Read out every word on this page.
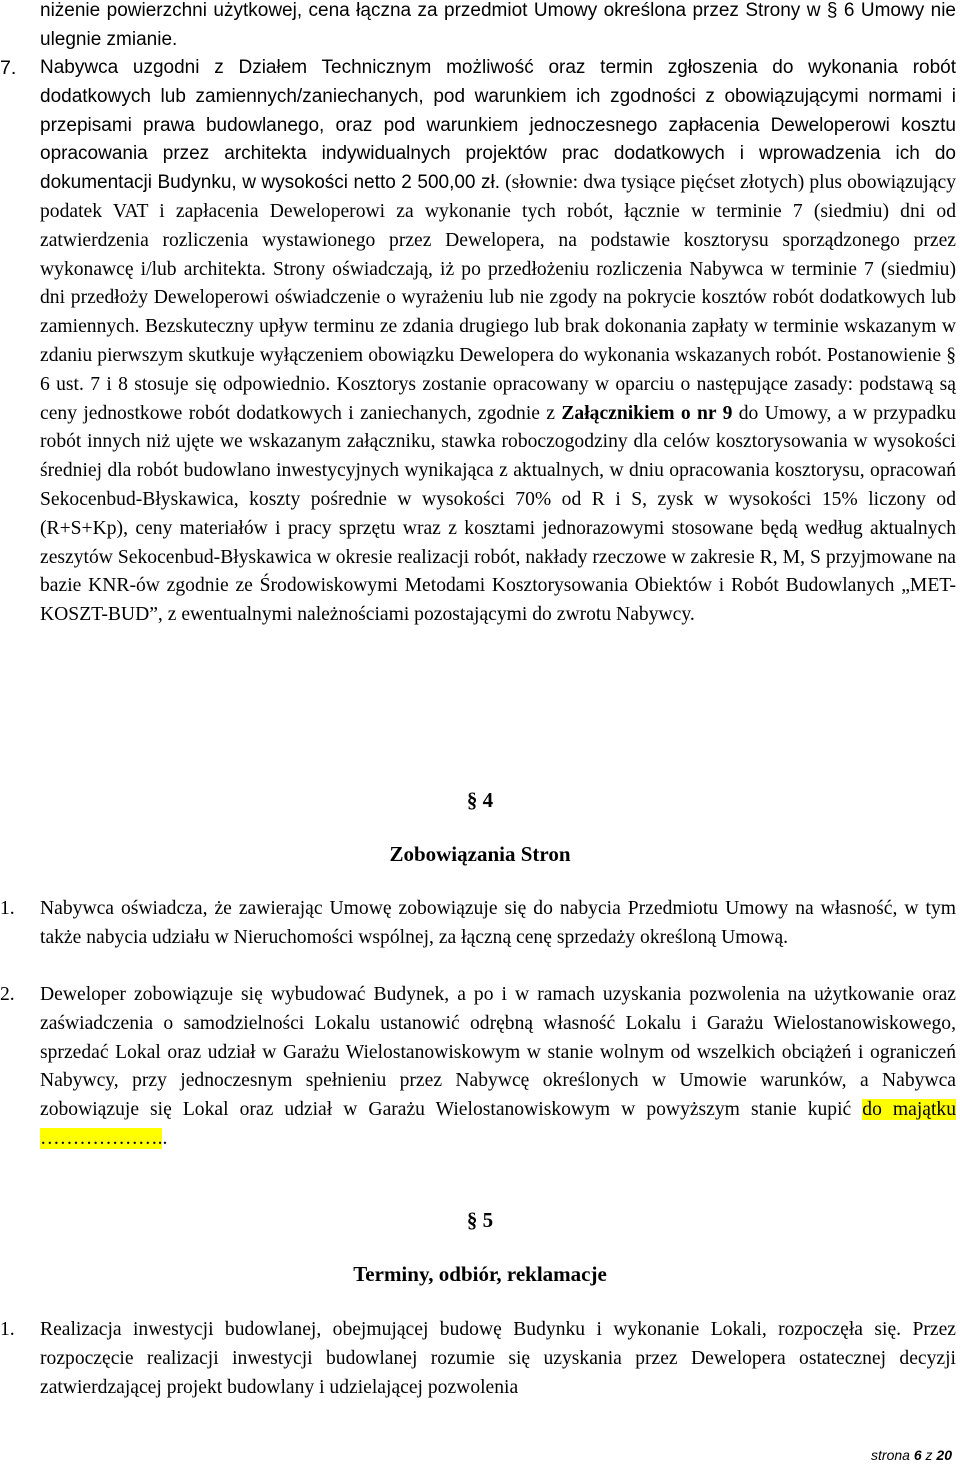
niżenie powierzchni użytkowej, cena łączna za przedmiot Umowy określona przez Strony w § 6 Umowy nie ulegnie zmianie.
7.	Nabywca uzgodni z Działem Technicznym możliwość oraz termin zgłoszenia do wykonania robót dodatkowych lub zamiennych/zaniechanych, pod warunkiem ich zgodności z obowiązującymi normami i przepisami prawa budowlanego, oraz pod warunkiem jednoczesnego zapłacenia Deweloperowi kosztu opracowania przez architekta indywidualnych projektów prac dodatkowych i wprowadzenia ich do dokumentacji Budynku, w wysokości netto 2 500,00 zł. (słownie: dwa tysiące pięćset złotych) plus obowiązujący podatek VAT i zapłacenia Deweloperowi za wykonanie tych robót, łącznie w terminie 7 (siedmiu) dni od zatwierdzenia rozliczenia wystawionego przez Dewelopera, na podstawie kosztorysu sporządzonego przez wykonawcę i/lub architekta. Strony oświadczają, iż po przedłożeniu rozliczenia Nabywca w terminie 7 (siedmiu) dni przedłoży Deweloperowi oświadczenie o wyrażeniu lub nie zgody na pokrycie kosztów robót dodatkowych lub zamiennych. Bezskuteczny upływ terminu ze zdania drugiego lub brak dokonania zapłaty w terminie wskazanym w zdaniu pierwszym skutkuje wyłączeniem obowiązku Dewelopera do wykonania wskazanych robót. Postanowienie § 6 ust. 7 i 8 stosuje się odpowiednio. Kosztorys zostanie opracowany w oparciu o następujące zasady: podstawą są ceny jednostkowe robót dodatkowych i zaniechanych, zgodnie z Załącznikiem o nr 9 do Umowy, a w przypadku robót innych niż ujęte we wskazanym załączniku, stawka roboczogodziny dla celów kosztorysowania w wysokości średniej dla robót budowlano inwestycyjnych wynikająca z aktualnych, w dniu opracowania kosztorysu, opracowań Sekocenbud-Błyskawica, koszty pośrednie w wysokości 70% od R i S, zysk w wysokości 15% liczony od (R+S+Kp), ceny materiałów i pracy sprzętu wraz z kosztami jednorazowymi stosowane będą według aktualnych zeszytów Sekocenbud-Błyskawica w okresie realizacji robót, nakłady rzeczowe w zakresie R, M, S przyjmowane na bazie KNR-ów zgodnie ze Środowiskowymi Metodami Kosztorysowania Obiektów i Robót Budowlanych „MET-KOSZT-BUD”, z ewentualnymi należnościami pozostającymi do zwrotu Nabywcy.
§ 4
Zobowiązania Stron
1.	Nabywca oświadcza, że zawierając Umowę zobowiązuje się do nabycia Przedmiotu Umowy na własność, w tym także nabycia udziału w Nieruchomości wspólnej, za łączną cenę sprzedaży określoną Umową.
2.	Deweloper zobowiązuje się wybudować Budynek, a po i w ramach uzyskania pozwolenia na użytkowanie oraz zaświadczenia o samodzielności Lokalu ustanowić odrębną własność Lokalu i Garażu Wielostanowiskowego, sprzedać Lokal oraz udział w Garażu Wielostanowiskowym w stanie wolnym od wszelkich obciążeń i ograniczeń Nabywcy, przy jednoczesnym spełnieniu przez Nabywcę określonych w Umowie warunków, a Nabywca zobowiązuje się Lokal oraz udział w Garażu Wielostanowiskowym w powyższym stanie kupić do majątku ………………..
§ 5
Terminy, odbiór, reklamacje
1.	Realizacja inwestycji budowlanej, obejmującej budowę Budynku i wykonanie Lokali, rozpoczęła się. Przez rozpoczęcie realizacji inwestycji budowlanej rozumie się uzyskania przez Dewelopera ostatecznej decyzji zatwierdzającej projekt budowlany i udzielającej pozwolenia
strona 6 z 20
